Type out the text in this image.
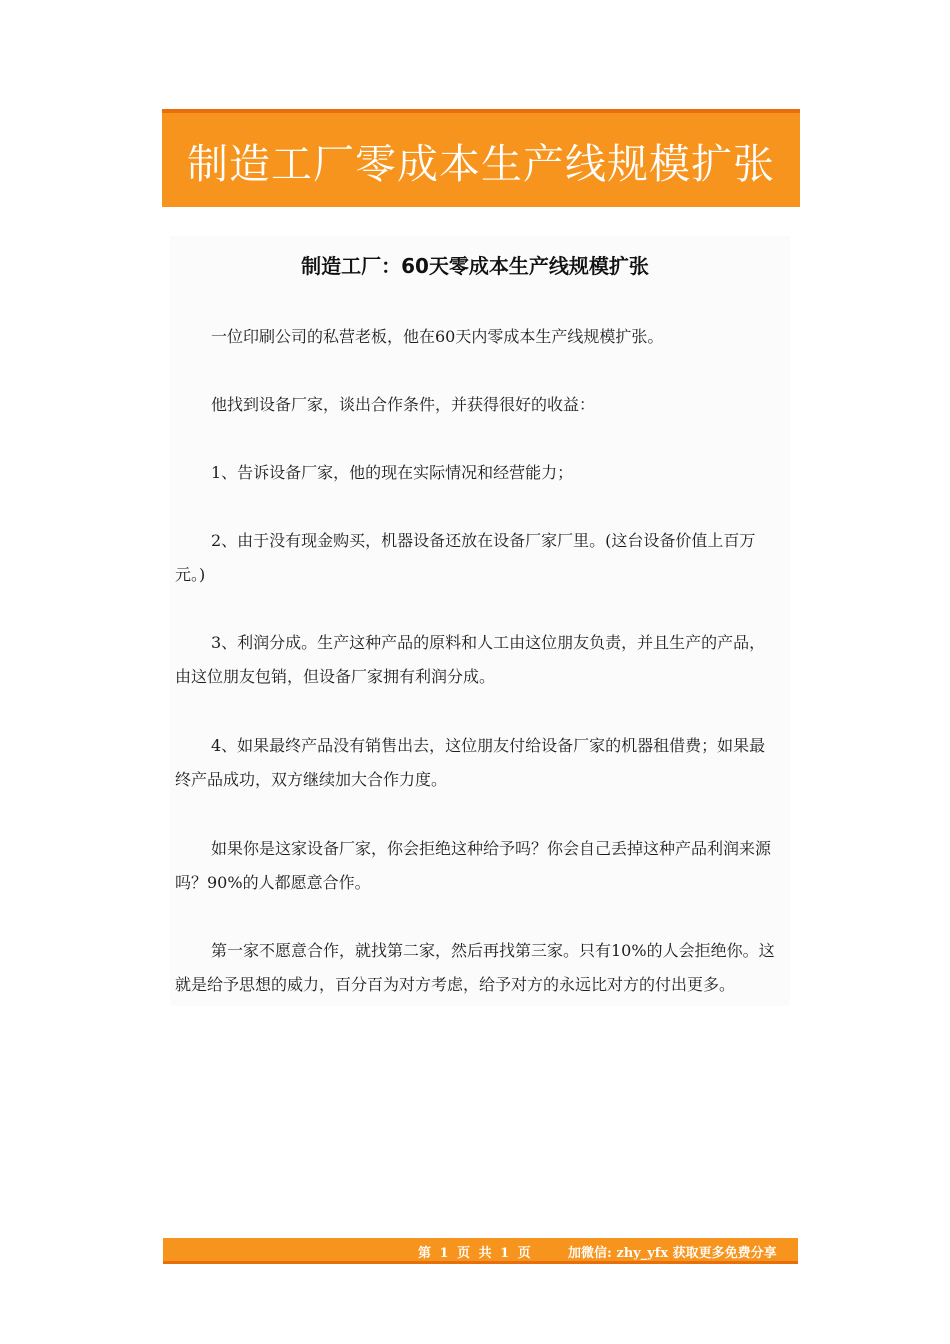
制造工厂零成本生产线规模扩张
制造工厂：60天零成本生产线规模扩张

一位印刷公司的私营老板，他在60天内零成本生产线规模扩张。

他找到设备厂家，谈出合作条件，并获得很好的收益：

1、告诉设备厂家，他的现在实际情况和经营能力；

2、由于没有现金购买，机器设备还放在设备厂家厂里。(这台设备价值上百万元。)

3、利润分成。生产这种产品的原料和人工由这位朋友负责，并且生产的产品，由这位朋友包销，但设备厂家拥有利润分成。

4、如果最终产品没有销售出去，这位朋友付给设备厂家的机器租借费；如果最终产品成功，双方继续加大合作力度。

如果你是这家设备厂家，你会拒绝这种给予吗？你会自己丢掉这种产品利润来源吗？90%的人都愿意合作。

第一家不愿意合作，就找第二家，然后再找第三家。只有10%的人会拒绝你。这就是给予思想的威力，百分百为对方考虑，给予对方的永远比对方的付出更多。

第 1 页 共 1 页	加微信: zhy_yfx 获取更多免费分享
